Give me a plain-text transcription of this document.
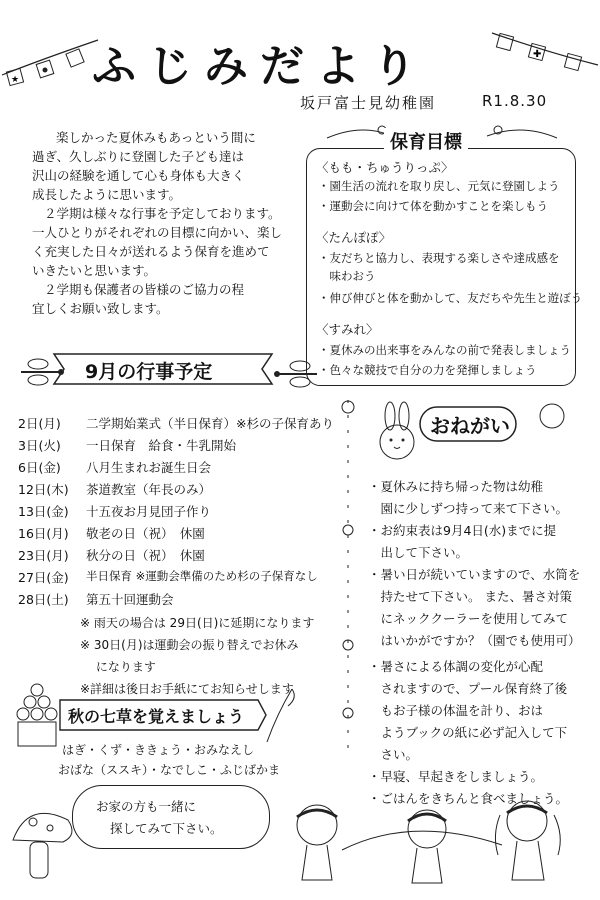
★
✚
ふじみだより
坂戸富士見幼稚園	R1.8.30

楽しかった夏休みもあっという間に

過ぎ、久しぶりに登園した子ども達は

沢山の経験を通して心も身体も大きく

成長したように思います。

２学期は様々な行事を予定しております。

一人ひとりがそれぞれの目標に向かい、楽し

く充実した日々が送れるよう保育を進めて

いきたいと思います。

２学期も保護者の皆様のご協力の程

宜しくお願い致します。

保育目標
〈もも・ちゅうりっぷ〉
・園生活の流れを取り戻し、元気に登園しよう
・運動会に向けて体を動かすことを楽しもう
〈たんぽぽ〉
・友だちと協力し、表現する楽しさや達成感を
　味わおう
・伸び伸びと体を動かして、友だちや先生と遊ぼう
〈すみれ〉
・夏休みの出来事をみんなの前で発表しましょう
・色々な競技で自分の力を発揮しましょう
9月の行事予定
2日(月) 二学期始業式（半日保育）※杉の子保育あり
3日(火) 一日保育　給食・牛乳開始
6日(金) 八月生まれお誕生日会
12日(木) 茶道教室（年長のみ）
13日(金) 十五夜お月見団子作り
16日(月) 敬老の日（祝）　休園
23日(月) 秋分の日（祝）　休園
27日(金) 半日保育 ※運動会準備のため杉の子保育なし
28日(土) 第五十回運動会
※ 雨天の場合は 29日(日)に延期になります
※ 30日(月)は運動会の振り替えでお休み
　 になります
※詳細は後日お手紙にてお知らせします
おねがい
・夏休みに持ち帰った物は幼稚
　園に少しずつ持って来て下さい。
・お約束表は9月4日(水)までに提
　出して下さい。
・暑い日が続いていますので、水筒を
　持たせて下さい。 また、暑さ対策
　にネッククーラーを使用してみて
　はいかがですか？（園でも使用可）
・暑さによる体調の変化が心配
　されますので、プール保育終了後
　もお子様の体温を計り、おは
　ようブックの紙に必ず記入して下
　さい。
・早寝、早起きをしましょう。
・ごはんをきちんと食べましょう。
秋の七草を覚えましょう
はぎ・くず・ききょう・おみなえし
おばな（ススキ）・なでしこ・ふじばかま
お家の方も一緒に
探してみて下さい。
